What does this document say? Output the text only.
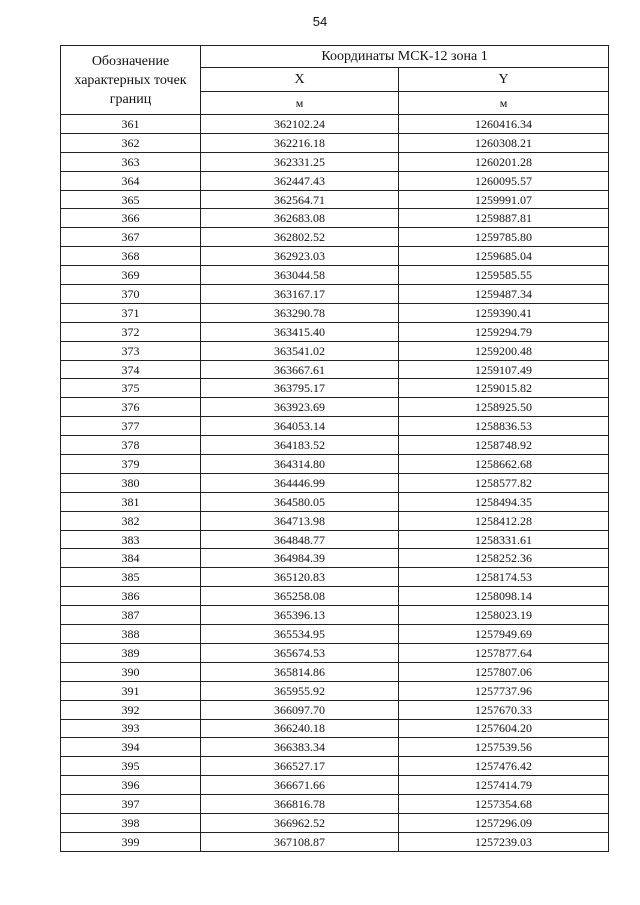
54
Обозначение характерных точек границ	Координаты МСК-12 зона 1	
	X	Y
	м	м
361	362102.24	1260416.34
362	362216.18	1260308.21
363	362331.25	1260201.28
364	362447.43	1260095.57
365	362564.71	1259991.07
366	362683.08	1259887.81
367	362802.52	1259785.80
368	362923.03	1259685.04
369	363044.58	1259585.55
370	363167.17	1259487.34
371	363290.78	1259390.41
372	363415.40	1259294.79
373	363541.02	1259200.48
374	363667.61	1259107.49
375	363795.17	1259015.82
376	363923.69	1258925.50
377	364053.14	1258836.53
378	364183.52	1258748.92
379	364314.80	1258662.68
380	364446.99	1258577.82
381	364580.05	1258494.35
382	364713.98	1258412.28
383	364848.77	1258331.61
384	364984.39	1258252.36
385	365120.83	1258174.53
386	365258.08	1258098.14
387	365396.13	1258023.19
388	365534.95	1257949.69
389	365674.53	1257877.64
390	365814.86	1257807.06
391	365955.92	1257737.96
392	366097.70	1257670.33
393	366240.18	1257604.20
394	366383.34	1257539.56
395	366527.17	1257476.42
396	366671.66	1257414.79
397	366816.78	1257354.68
398	366962.52	1257296.09
399	367108.87	1257239.03
